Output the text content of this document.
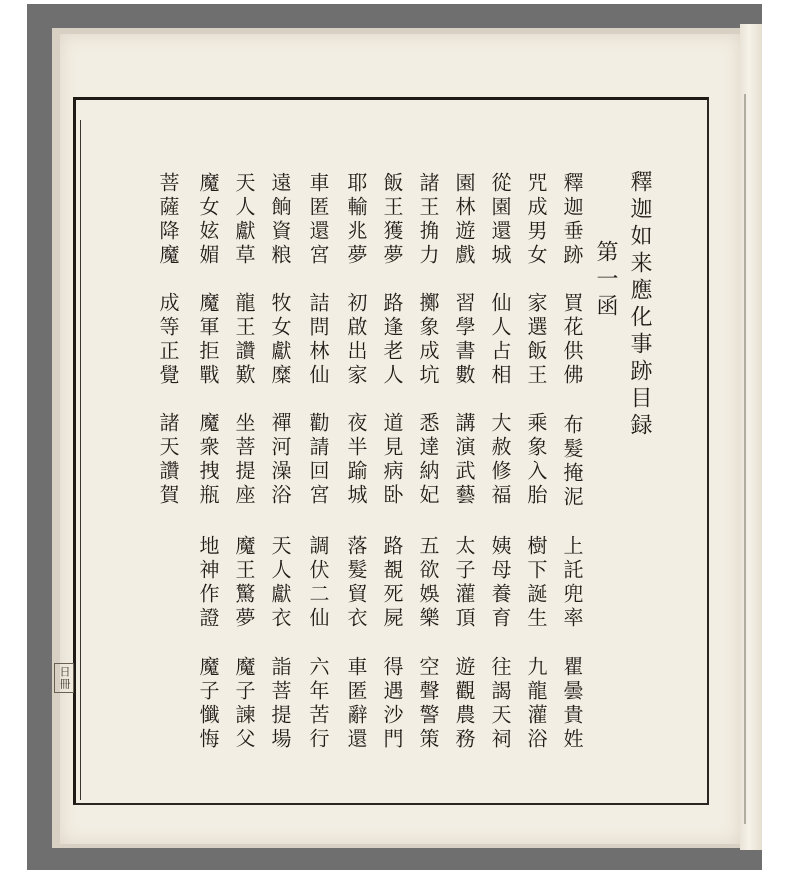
釋迦如来應化事跡目録
第一函
日冊
釋迦垂跡
買花供佛
布髮掩泥
上託兜率
瞿曇貴姓
咒成男女
家選飯王
乘象入胎
樹下誕生
九龍灌浴
從園還城
仙人占相
大赦修福
姨母養育
往謁天祠
園林遊戲
習學書數
講演武藝
太子灌頂
遊觀農務
諸王捔力
擲象成坑
悉達納妃
五欲娛樂
空聲警策
飯王獲夢
路逢老人
道見病卧
路覩死屍
得遇沙門
耶輸兆夢
初啟出家
夜半踰城
落髮貿衣
車匿辭還
車匿還宮
詰問林仙
勸請回宮
調伏二仙
六年苦行
遠餉資粮
牧女獻糜
禪河澡浴
天人獻衣
詣菩提場
天人獻草
龍王讚歎
坐菩提座
魔王驚夢
魔子諫父
魔女妶媚
魔軍拒戰
魔衆拽瓶
地神作證
魔子懺悔
菩薩降魔
成等正覺
諸天讚賀
